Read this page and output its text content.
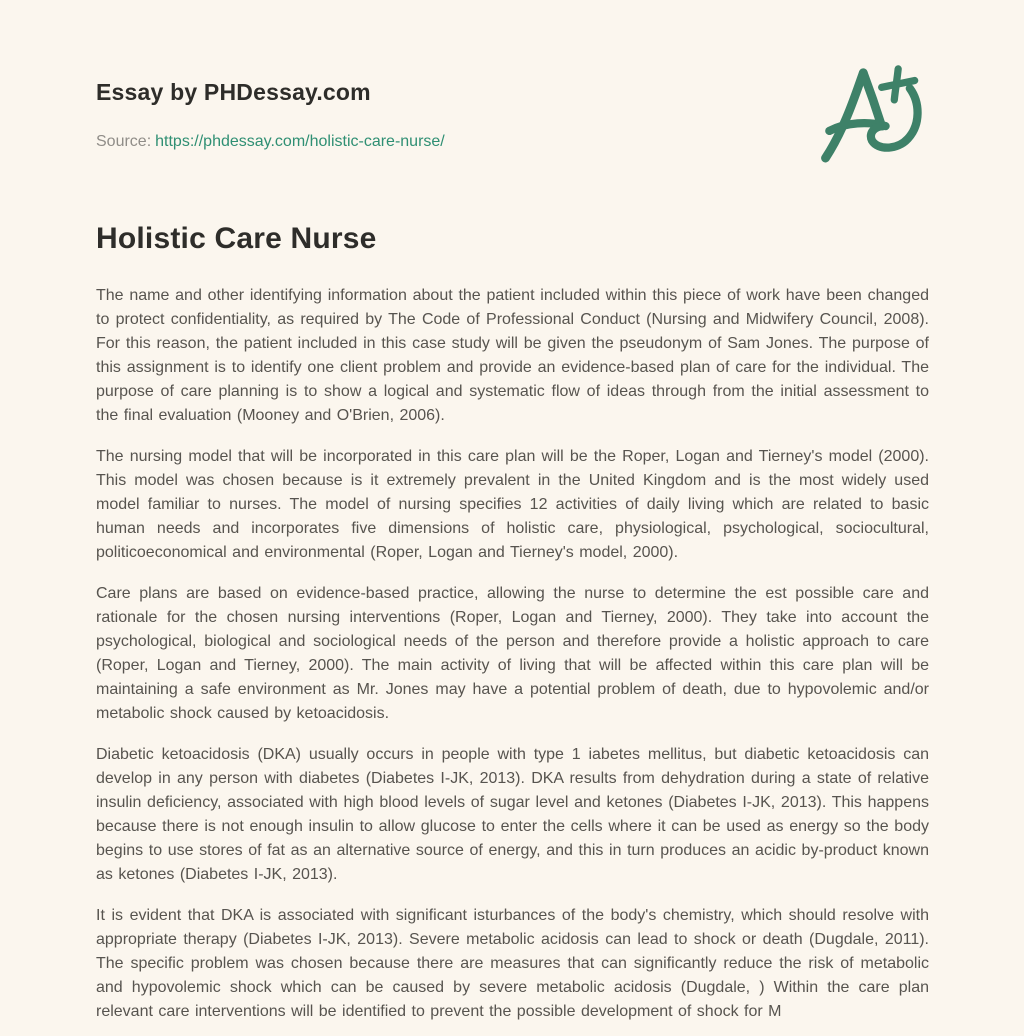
Essay by PHDessay.com
Source: https://phdessay.com/holistic-care-nurse/
Holistic Care Nurse

The name and other identifying information about the patient included within this piece of work have been changed to protect confidentiality, as required by The Code of Professional Conduct (Nursing and Midwifery Council, 2008). For this reason, the patient included in this case study will be given the pseudonym of Sam Jones. The purpose of this assignment is to identify one client problem and provide an evidence-based plan of care for the individual. The purpose of care planning is to show a logical and systematic flow of ideas through from the initial assessment to the final evaluation (Mooney and O'Brien, 2006).

The nursing model that will be incorporated in this care plan will be the Roper, Logan and Tierney's model (2000). This model was chosen because is it extremely prevalent in the United Kingdom and is the most widely used model familiar to nurses. The model of nursing specifies 12 activities of daily living which are related to basic human needs and incorporates five dimensions of holistic care, physiological, psychological, sociocultural, politicoeconomical and environmental (Roper, Logan and Tierney's model, 2000).

Care plans are based on evidence-based practice, allowing the nurse to determine the est possible care and rationale for the chosen nursing interventions (Roper, Logan and Tierney, 2000). They take into account the psychological, biological and sociological needs of the person and therefore provide a holistic approach to care (Roper, Logan and Tierney, 2000). The main activity of living that will be affected within this care plan will be maintaining a safe environment as Mr. Jones may have a potential problem of death, due to hypovolemic and/or metabolic shock caused by ketoacidosis.

Diabetic ketoacidosis (DKA) usually occurs in people with type 1 iabetes mellitus, but diabetic ketoacidosis can develop in any person with diabetes (Diabetes I-JK, 2013). DKA results from dehydration during a state of relative insulin deficiency, associated with high blood levels of sugar level and ketones (Diabetes I-JK, 2013). This happens because there is not enough insulin to allow glucose to enter the cells where it can be used as energy so the body begins to use stores of fat as an alternative source of energy, and this in turn produces an acidic by-product known as ketones (Diabetes I-JK, 2013).

It is evident that DKA is associated with significant isturbances of the body's chemistry, which should resolve with appropriate therapy (Diabetes I-JK, 2013). Severe metabolic acidosis can lead to shock or death (Dugdale, 2011). The specific problem was chosen because there are measures that can significantly reduce the risk of metabolic and hypovolemic shock which can be caused by severe metabolic acidosis (Dugdale, ) Within the care plan relevant care interventions will be identified to prevent the possible development of shock for M
